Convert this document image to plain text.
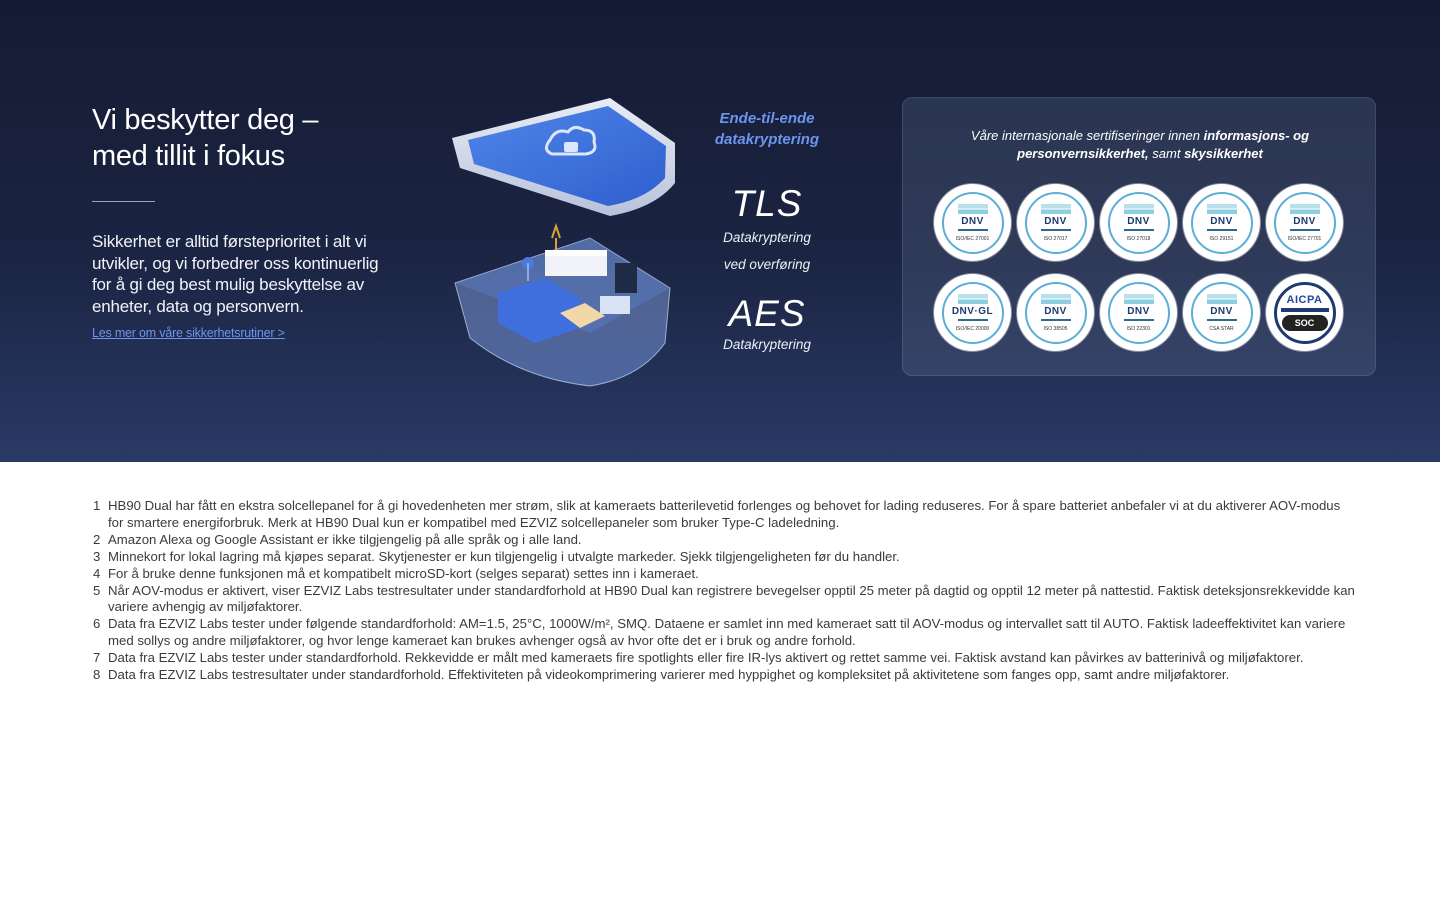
Vi beskytter deg –
med tillit i fokus

Sikkerhet er alltid førsteprioritet i alt vi utvikler, og vi forbedrer oss kontinuerlig for å gi deg best mulig beskyttelse av enheter, data og personvern.

Les mer om våre sikkerhetsrutiner >
Ende-til-ende
datakryptering
TLS
Datakryptering
ved overføring
AES
Datakryptering

Våre internasjonale sertifiseringer innen informasjons- og personvernsikkerhet, samt skysikkerhet

DNV
ISO/IEC 27001
DNV
ISO 27017
DNV
ISO 27018
DNV
ISO 29151
DNV
ISO/IEC 27701
DNV·GL
ISO/IEC 20000
DNV
ISO 38505
DNV
ISO 22301
DNV
CSA STAR
AICPA
SOC
1 HB90 Dual har fått en ekstra solcellepanel for å gi hovedenheten mer strøm, slik at kameraets batterilevetid forlenges og behovet for lading reduseres. For å spare batteriet anbefaler vi at du aktiverer AOV-modus for smartere energiforbruk. Merk at HB90 Dual kun er kompatibel med EZVIZ solcellepaneler som bruker Type-C ladeledning.
2 Amazon Alexa og Google Assistant er ikke tilgjengelig på alle språk og i alle land.
3 Minnekort for lokal lagring må kjøpes separat. Skytjenester er kun tilgjengelig i utvalgte markeder. Sjekk tilgjengeligheten før du handler.
4 For å bruke denne funksjonen må et kompatibelt microSD-kort (selges separat) settes inn i kameraet.
5 Når AOV-modus er aktivert, viser EZVIZ Labs testresultater under standardforhold at HB90 Dual kan registrere bevegelser opptil 25 meter på dagtid og opptil 12 meter på nattestid. Faktisk deteksjonsrekkevidde kan variere avhengig av miljøfaktorer.
6 Data fra EZVIZ Labs tester under følgende standardforhold: AM=1.5, 25°C, 1000W/m², SMQ. Dataene er samlet inn med kameraet satt til AOV-modus og intervallet satt til AUTO. Faktisk ladeeffektivitet kan variere med sollys og andre miljøfaktorer, og hvor lenge kameraet kan brukes avhenger også av hvor ofte det er i bruk og andre forhold.
7 Data fra EZVIZ Labs tester under standardforhold. Rekkevidde er målt med kameraets fire spotlights eller fire IR-lys aktivert og rettet samme vei. Faktisk avstand kan påvirkes av batterinivå og miljøfaktorer.
8 Data fra EZVIZ Labs testresultater under standardforhold. Effektiviteten på videokomprimering varierer med hyppighet og kompleksitet på aktivitetene som fanges opp, samt andre miljøfaktorer.
